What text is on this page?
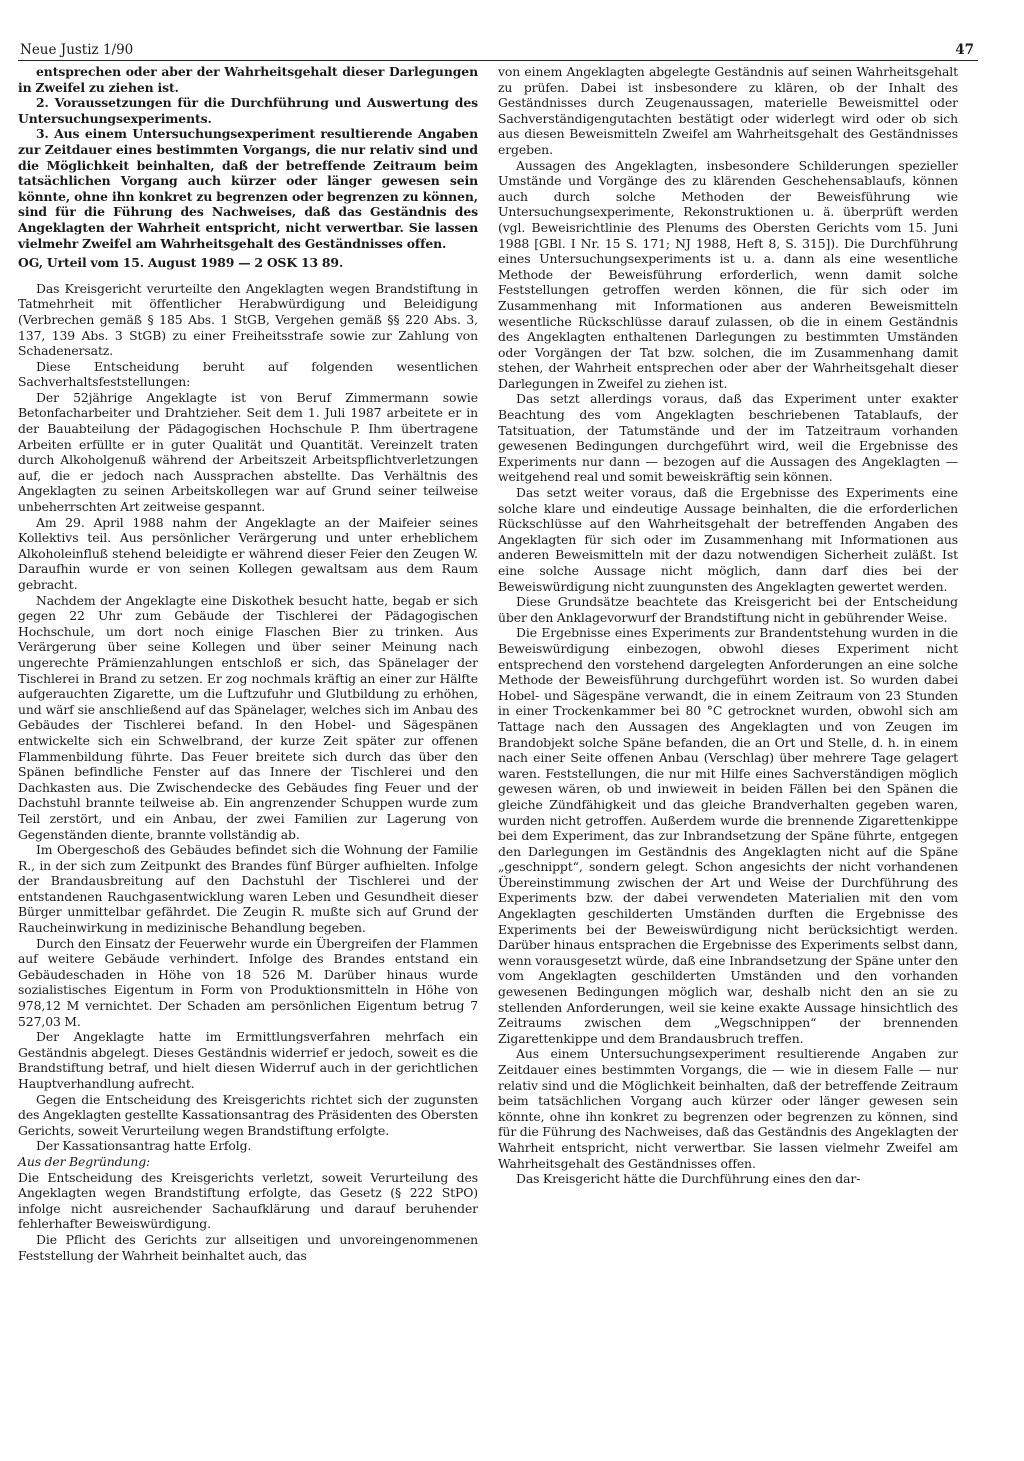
Neue Justiz 1/90	47

entsprechen oder aber der Wahrheitsgehalt dieser Darlegungen in Zweifel zu ziehen ist.

2. Voraussetzungen für die Durchführung und Auswertung des Untersuchungsexperiments.

3. Aus einem Untersuchungsexperiment resultierende Angaben zur Zeitdauer eines bestimmten Vorgangs, die nur relativ sind und die Möglichkeit beinhalten, daß der betreffende Zeitraum beim tatsächlichen Vorgang auch kürzer oder länger gewesen sein könnte, ohne ihn konkret zu begrenzen oder begrenzen zu können, sind für die Führung des Nachweises, daß das Geständnis des Angeklagten der Wahrheit entspricht, nicht verwertbar. Sie lassen vielmehr Zweifel am Wahrheitsgehalt des Geständnisses offen.

OG, Urteil vom 15. August 1989 — 2 OSK 13 89.

Das Kreisgericht verurteilte den Angeklagten wegen Brandstiftung in Tatmehrheit mit öffentlicher Herabwürdigung und Beleidigung (Verbrechen gemäß § 185 Abs. 1 StGB, Vergehen gemäß §§ 220 Abs. 3, 137, 139 Abs. 3 StGB) zu einer Freiheitsstrafe sowie zur Zahlung von Schadenersatz.

Diese Entscheidung beruht auf folgenden wesentlichen Sachverhaltsfeststellungen:

Der 52jährige Angeklagte ist von Beruf Zimmermann sowie Betonfacharbeiter und Drahtzieher. Seit dem 1. Juli 1987 arbeitete er in der Bauabteilung der Pädagogischen Hochschule P. Ihm übertragene Arbeiten erfüllte er in guter Qualität und Quantität. Vereinzelt traten durch Alkoholgenuß während der Arbeitszeit Arbeitspflichtverletzungen auf, die er jedoch nach Aussprachen abstellte. Das Verhältnis des Angeklagten zu seinen Arbeitskollegen war auf Grund seiner teilweise unbeherrschten Art zeitweise gespannt.

Am 29. April 1988 nahm der Angeklagte an der Maifeier seines Kollektivs teil. Aus persönlicher Verärgerung und unter erheblichem Alkoholeinfluß stehend beleidigte er während dieser Feier den Zeugen W. Daraufhin wurde er von seinen Kollegen gewaltsam aus dem Raum gebracht.

Nachdem der Angeklagte eine Diskothek besucht hatte, begab er sich gegen 22 Uhr zum Gebäude der Tischlerei der Pädagogischen Hochschule, um dort noch einige Flaschen Bier zu trinken. Aus Verärgerung über seine Kollegen und über seiner Meinung nach ungerechte Prämienzahlungen entschloß er sich, das Spänelager der Tischlerei in Brand zu setzen. Er zog nochmals kräftig an einer zur Hälfte aufgerauchten Zigarette, um die Luftzufuhr und Glutbildung zu erhöhen, und wärf sie anschließend auf das Spänelager, welches sich im Anbau des Gebäudes der Tischlerei befand. In den Hobel- und Sägespänen entwickelte sich ein Schwelbrand, der kurze Zeit später zur offenen Flammenbildung führte. Das Feuer breitete sich durch das über den Spänen befindliche Fenster auf das Innere der Tischlerei und den Dachkasten aus. Die Zwischendecke des Gebäudes fing Feuer und der Dachstuhl brannte teilweise ab. Ein angrenzender Schuppen wurde zum Teil zerstört, und ein Anbau, der zwei Familien zur Lagerung von Gegenständen diente, brannte vollständig ab.

Im Obergeschoß des Gebäudes befindet sich die Wohnung der Familie R., in der sich zum Zeitpunkt des Brandes fünf Bürger aufhielten. Infolge der Brandausbreitung auf den Dachstuhl der Tischlerei und der entstandenen Rauchgasentwicklung waren Leben und Gesundheit dieser Bürger unmittelbar gefährdet. Die Zeugin R. mußte sich auf Grund der Raucheinwirkung in medizinische Behandlung begeben.

Durch den Einsatz der Feuerwehr wurde ein Übergreifen der Flammen auf weitere Gebäude verhindert. Infolge des Brandes entstand ein Gebäudeschaden in Höhe von 18 526 M. Darüber hinaus wurde sozialistisches Eigentum in Form von Produktionsmitteln in Höhe von 978,12 M vernichtet. Der Schaden am persönlichen Eigentum betrug 7 527,03 M.

Der Angeklagte hatte im Ermittlungsverfahren mehrfach ein Geständnis abgelegt. Dieses Geständnis widerrief er jedoch, soweit es die Brandstiftung betraf, und hielt diesen Widerruf auch in der gerichtlichen Hauptverhandlung aufrecht.

Gegen die Entscheidung des Kreisgerichts richtet sich der zugunsten des Angeklagten gestellte Kassationsantrag des Präsidenten des Obersten Gerichts, soweit Verurteilung wegen Brandstiftung erfolgte.

Der Kassationsantrag hatte Erfolg.

Aus der Begründung:

Die Entscheidung des Kreisgerichts verletzt, soweit Verurteilung des Angeklagten wegen Brandstiftung erfolgte, das Gesetz (§ 222 StPO) infolge nicht ausreichender Sachaufklärung und darauf beruhender fehlerhafter Beweiswürdigung.

Die Pflicht des Gerichts zur allseitigen und unvoreingenommenen Feststellung der Wahrheit beinhaltet auch, das

von einem Angeklagten abgelegte Geständnis auf seinen Wahrheitsgehalt zu prüfen. Dabei ist insbesondere zu klären, ob der Inhalt des Geständnisses durch Zeugenaussagen, materielle Beweismittel oder Sachverständigengutachten bestätigt oder widerlegt wird oder ob sich aus diesen Beweismitteln Zweifel am Wahrheitsgehalt des Geständnisses ergeben.

Aussagen des Angeklagten, insbesondere Schilderungen spezieller Umstände und Vorgänge des zu klärenden Geschehensablaufs, können auch durch solche Methoden der Beweisführung wie Untersuchungsexperimente, Rekonstruktionen u. ä. überprüft werden (vgl. Beweisrichtlinie des Plenums des Obersten Gerichts vom 15. Juni 1988 [GBl. I Nr. 15 S. 171; NJ 1988, Heft 8, S. 315]). Die Durchführung eines Untersuchungsexperiments ist u. a. dann als eine wesentliche Methode der Beweisführung erforderlich, wenn damit solche Feststellungen getroffen werden können, die für sich oder im Zusammenhang mit Informationen aus anderen Beweismitteln wesentliche Rückschlüsse darauf zulassen, ob die in einem Geständnis des Angeklagten enthaltenen Darlegungen zu bestimmten Umständen oder Vorgängen der Tat bzw. solchen, die im Zusammenhang damit stehen, der Wahrheit entsprechen oder aber der Wahrheitsgehalt dieser Darlegungen in Zweifel zu ziehen ist.

Das setzt allerdings voraus, daß das Experiment unter exakter Beachtung des vom Angeklagten beschriebenen Tatablaufs, der Tatsituation, der Tatumstände und der im Tatzeitraum vorhanden gewesenen Bedingungen durchgeführt wird, weil die Ergebnisse des Experiments nur dann — bezogen auf die Aussagen des Angeklagten — weitgehend real und somit beweiskräftig sein können.

Das setzt weiter voraus, daß die Ergebnisse des Experiments eine solche klare und eindeutige Aussage beinhalten, die die erforderlichen Rückschlüsse auf den Wahrheitsgehalt der betreffenden Angaben des Angeklagten für sich oder im Zusammenhang mit Informationen aus anderen Beweismitteln mit der dazu notwendigen Sicherheit zuläßt. Ist eine solche Aussage nicht möglich, dann darf dies bei der Beweiswürdigung nicht zuungunsten des Angeklagten gewertet werden.

Diese Grundsätze beachtete das Kreisgericht bei der Entscheidung über den Anklagevorwurf der Brandstiftung nicht in gebührender Weise.

Die Ergebnisse eines Experiments zur Brandentstehung wurden in die Beweiswürdigung einbezogen, obwohl dieses Experiment nicht entsprechend den vorstehend dargelegten Anforderungen an eine solche Methode der Beweisführung durchgeführt worden ist. So wurden dabei Hobel- und Sägespäne verwandt, die in einem Zeitraum von 23 Stunden in einer Trockenkammer bei 80 °C getrocknet wurden, obwohl sich am Tattage nach den Aussagen des Angeklagten und von Zeugen im Brandobjekt solche Späne befanden, die an Ort und Stelle, d. h. in einem nach einer Seite offenen Anbau (Verschlag) über mehrere Tage gelagert waren. Feststellungen, die nur mit Hilfe eines Sachverständigen möglich gewesen wären, ob und inwieweit in beiden Fällen bei den Spänen die gleiche Zündfähigkeit und das gleiche Brandverhalten gegeben waren, wurden nicht getroffen. Außerdem wurde die brennende Zigarettenkippe bei dem Experiment, das zur Inbrandsetzung der Späne führte, entgegen den Darlegungen im Geständnis des Angeklagten nicht auf die Späne „geschnippt“, sondern gelegt. Schon angesichts der nicht vorhandenen Übereinstimmung zwischen der Art und Weise der Durchführung des Experiments bzw. der dabei verwendeten Materialien mit den vom Angeklagten geschilderten Umständen durften die Ergebnisse des Experiments bei der Beweiswürdigung nicht berücksichtigt werden. Darüber hinaus entsprachen die Ergebnisse des Experiments selbst dann, wenn vorausgesetzt würde, daß eine Inbrandsetzung der Späne unter den vom Angeklagten geschilderten Umständen und den vorhanden gewesenen Bedingungen möglich war, deshalb nicht den an sie zu stellenden Anforderungen, weil sie keine exakte Aussage hinsichtlich des Zeitraums zwischen dem „Wegschnippen“ der brennenden Zigarettenkippe und dem Brandausbruch treffen.

Aus einem Untersuchungsexperiment resultierende Angaben zur Zeitdauer eines bestimmten Vorgangs, die — wie in diesem Falle — nur relativ sind und die Möglichkeit beinhalten, daß der betreffende Zeitraum beim tatsächlichen Vorgang auch kürzer oder länger gewesen sein könnte, ohne ihn konkret zu begrenzen oder begrenzen zu können, sind für die Führung des Nachweises, daß das Geständnis des Angeklagten der Wahrheit entspricht, nicht verwertbar. Sie lassen vielmehr Zweifel am Wahrheitsgehalt des Geständnisses offen.

Das Kreisgericht hätte die Durchführung eines den dar-
